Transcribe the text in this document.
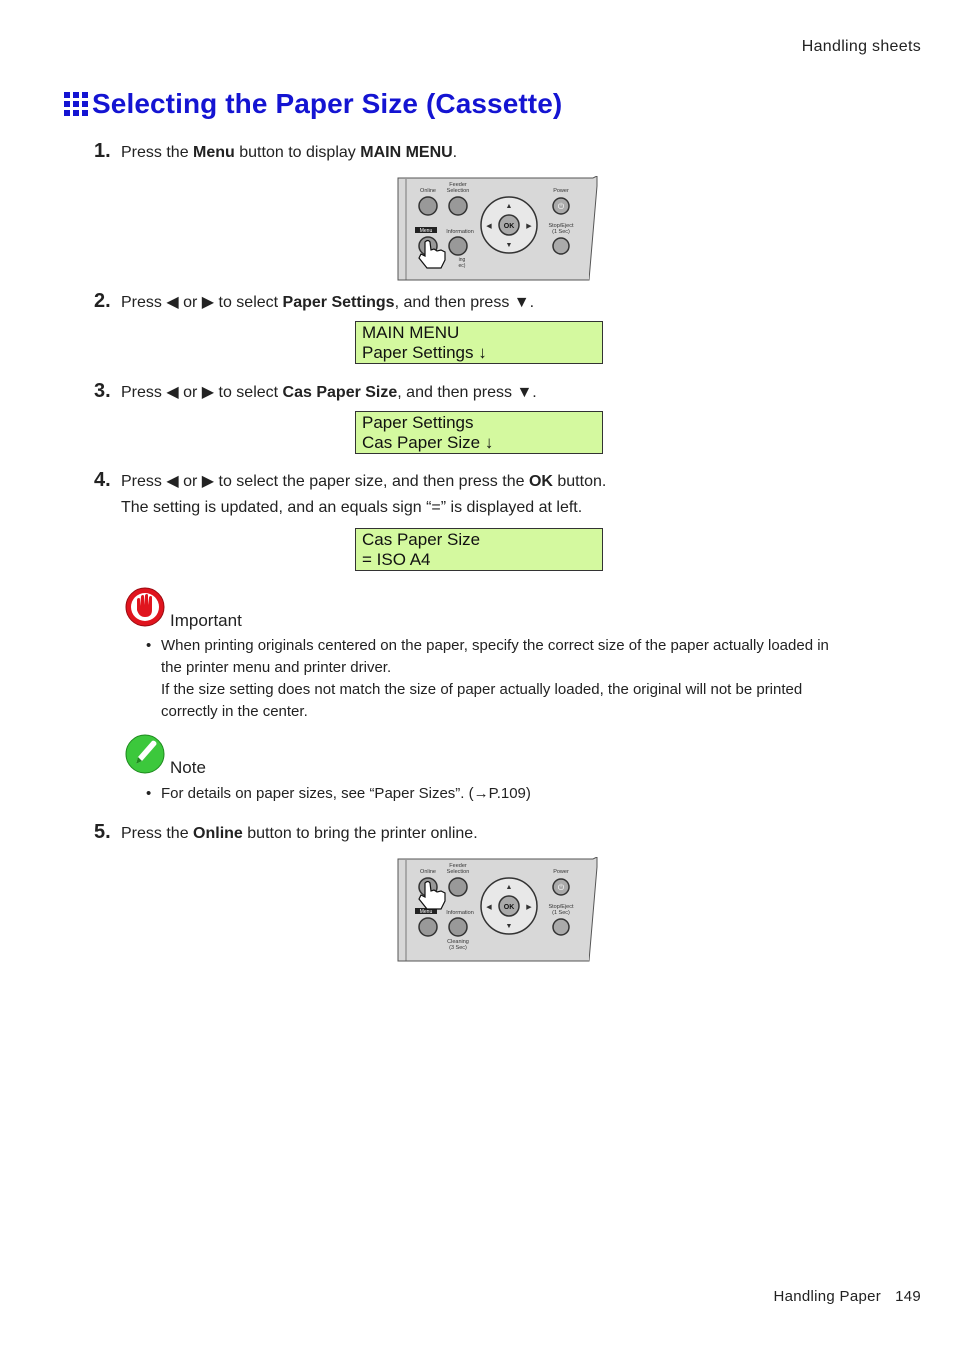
Handling sheets
Selecting the Paper Size (Cassette)
1. Press the Menu button to display MAIN MENU.
Online
Feeder
Selection	Power
OK
▲
▼
◀	▶
⏻
Stop/Eject
(1 Sec)
Menu	Information
ing
ec)
2. Press ◀ or ▶ to select Paper Settings, and then press ▼.
MAIN MENU
Paper Settings ↓
3. Press ◀ or ▶ to select Cas Paper Size, and then press ▼.
Paper Settings
Cas Paper Size ↓
4. Press ◀ or ▶ to select the paper size, and then press the OK button.
The setting is updated, and an equals sign “=” is displayed at left.
Cas Paper Size
= ISO A4
Important
• When printing originals centered on the paper, specify the correct size of the paper actually loaded in

the printer menu and printer driver.

If the size setting does not match the size of paper actually loaded, the original will not be printed

correctly in the center.

Note
• For details on paper sizes, see “Paper Sizes”. (→P.109)

5. Press the Online button to bring the printer online.
Online
Feeder
Selection	Power
OK
▲
▼
◀	▶
⏻
Stop/Eject
(1 Sec)
Menu	Information
Cleaning
(3 Sec)
Handling Paper 149
